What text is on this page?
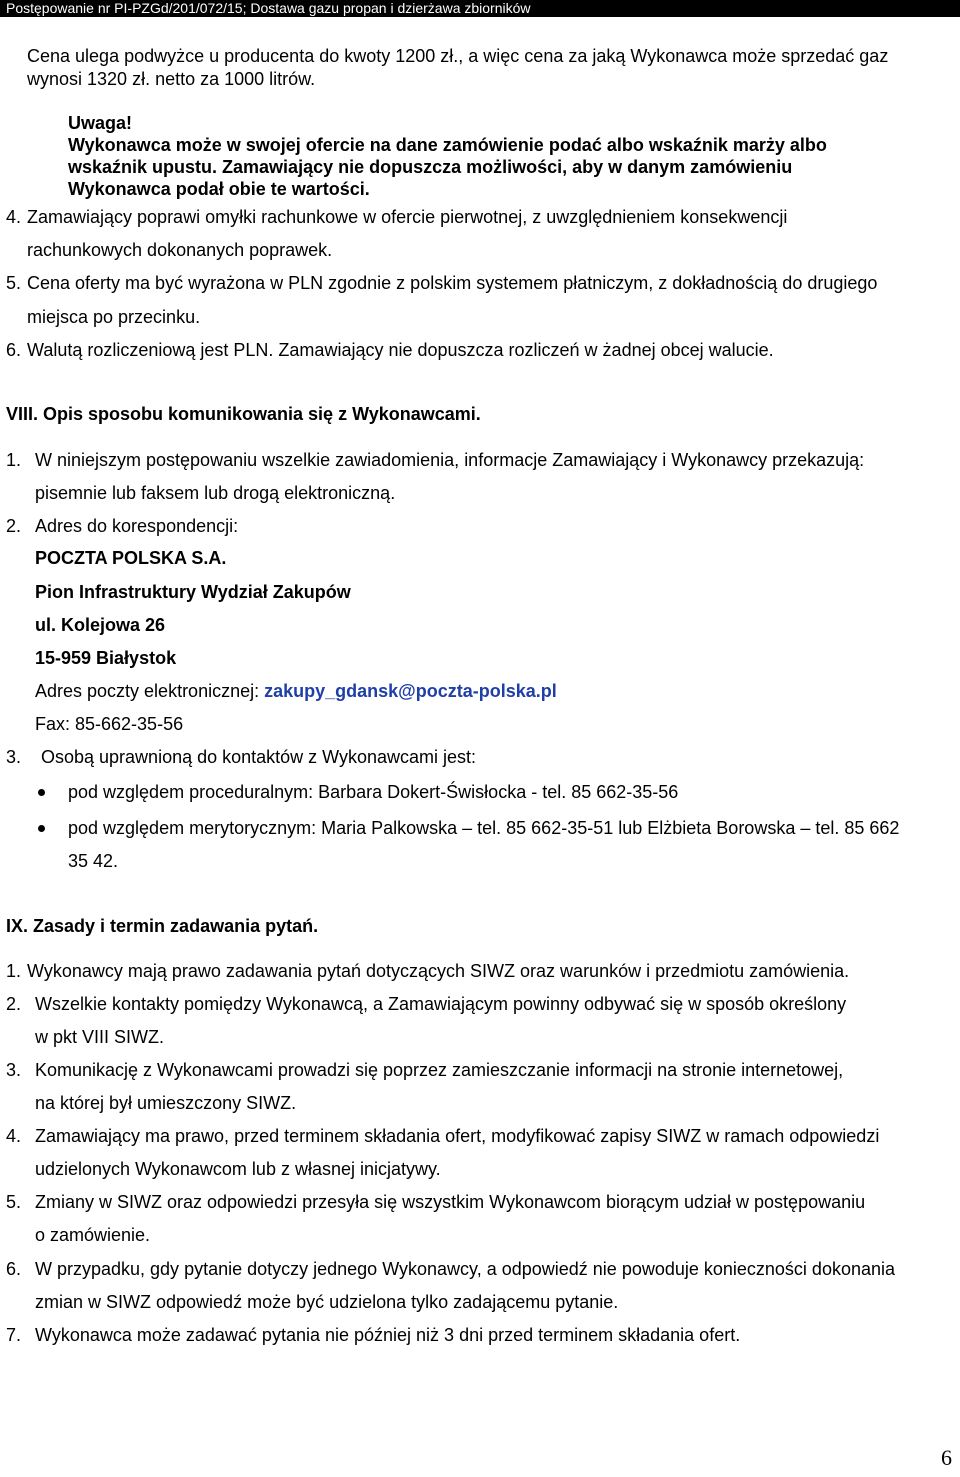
Postępowanie nr PI-PZGd/201/072/15; Dostawa gazu propan i dzierżawa zbiorników
Cena ulega podwyżce u producenta do kwoty 1200 zł., a więc cena za jaką Wykonawca może sprzedać gaz
wynosi 1320 zł. netto za 1000 litrów.
Uwaga!
Wykonawca może w swojej ofercie na dane zamówienie podać albo wskaźnik marży albo
wskaźnik upustu. Zamawiający nie dopuszcza możliwości, aby w danym zamówieniu
Wykonawca podał obie te wartości.
4. Zamawiający poprawi omyłki rachunkowe w ofercie pierwotnej, z uwzględnieniem konsekwencji
rachunkowych dokonanych poprawek.
5. Cena oferty ma być wyrażona w PLN zgodnie z polskim systemem płatniczym, z dokładnością do drugiego
miejsca po przecinku.
6. Walutą rozliczeniową jest PLN. Zamawiający nie dopuszcza rozliczeń w żadnej obcej walucie.
VIII. Opis sposobu komunikowania się z Wykonawcami.
1. W niniejszym postępowaniu wszelkie zawiadomienia, informacje Zamawiający i Wykonawcy przekazują:
pisemnie lub faksem lub drogą elektroniczną.
2. Adres do korespondencji:
POCZTA POLSKA S.A.
Pion Infrastruktury Wydział Zakupów
ul. Kolejowa 26
15-959 Białystok
Adres poczty elektronicznej: zakupy_gdansk@poczta-polska.pl
Fax: 85-662-35-56
3. Osobą uprawnioną do kontaktów z Wykonawcami jest:
pod względem proceduralnym: Barbara Dokert-Świsłocka - tel. 85 662-35-56
pod względem merytorycznym: Maria Palkowska – tel. 85 662-35-51 lub Elżbieta Borowska – tel. 85 662
35 42.
IX. Zasady i termin zadawania pytań.
1. Wykonawcy mają prawo zadawania pytań dotyczących SIWZ oraz warunków i przedmiotu zamówienia.
2. Wszelkie kontakty pomiędzy Wykonawcą, a Zamawiającym powinny odbywać się w sposób określony
w pkt VIII SIWZ.
3. Komunikację z Wykonawcami prowadzi się poprzez zamieszczanie informacji na stronie internetowej,
na której był umieszczony SIWZ.
4. Zamawiający ma prawo, przed terminem składania ofert, modyfikować zapisy SIWZ w ramach odpowiedzi
udzielonych Wykonawcom lub z własnej inicjatywy.
5. Zmiany w SIWZ oraz odpowiedzi przesyła się wszystkim Wykonawcom biorącym udział w postępowaniu
o zamówienie.
6. W przypadku, gdy pytanie dotyczy jednego Wykonawcy, a odpowiedź nie powoduje konieczności dokonania
zmian w SIWZ odpowiedź może być udzielona tylko zadającemu pytanie.
7. Wykonawca może zadawać pytania nie później niż 3 dni przed terminem składania ofert.
6
